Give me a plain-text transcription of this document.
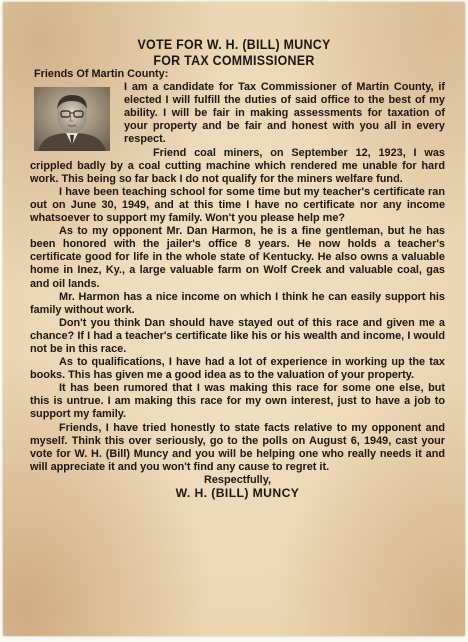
VOTE FOR W. H. (BILL) MUNCY
FOR TAX COMMISSIONER

Friends Of Martin County:

I am a candidate for Tax Commissioner of Martin County, if elected I will fulfill the duties of said office to the best of my ability. I will be fair in making assessments for taxation of your property and be fair and honest with you all in every respect.

Friend coal miners, on September 12, 1923, I was crippled badly by a coal cutting machine which rendered me unable for hard work. This being so far back I do not qualify for the miners welfare fund.

I have been teaching school for some time but my teacher's certificate ran out on June 30, 1949, and at this time I have no certificate nor any income whatsoever to support my family. Won't you please help me?

As to my opponent Mr. Dan Harmon, he is a fine gentleman, but he has been honored with the jailer's office 8 years. He now holds a teacher's certificate good for life in the whole state of Kentucky. He also owns a valuable home in Inez, Ky., a large valuable farm on Wolf Creek and valuable coal, gas and oil lands.

Mr. Harmon has a nice income on which I think he can easily support his family without work.

Don't you think Dan should have stayed out of this race and given me a chance? If I had a teacher's certificate like his or his wealth and income, I would not be in this race.

As to qualifications, I have had a lot of experience in working up the tax books. This has given me a good idea as to the valuation of your property.

It has been rumored that I was making this race for some one else, but this is untrue. I am making this race for my own interest, just to have a job to support my family.

Friends, I have tried honestly to state facts relative to my opponent and myself. Think this over seriously, go to the polls on August 6, 1949, cast your vote for W. H. (Bill) Muncy and you will be helping one who really needs it and will appreciate it and you won't find any cause to regret it.

Respectfully,

W. H. (BILL) MUNCY
